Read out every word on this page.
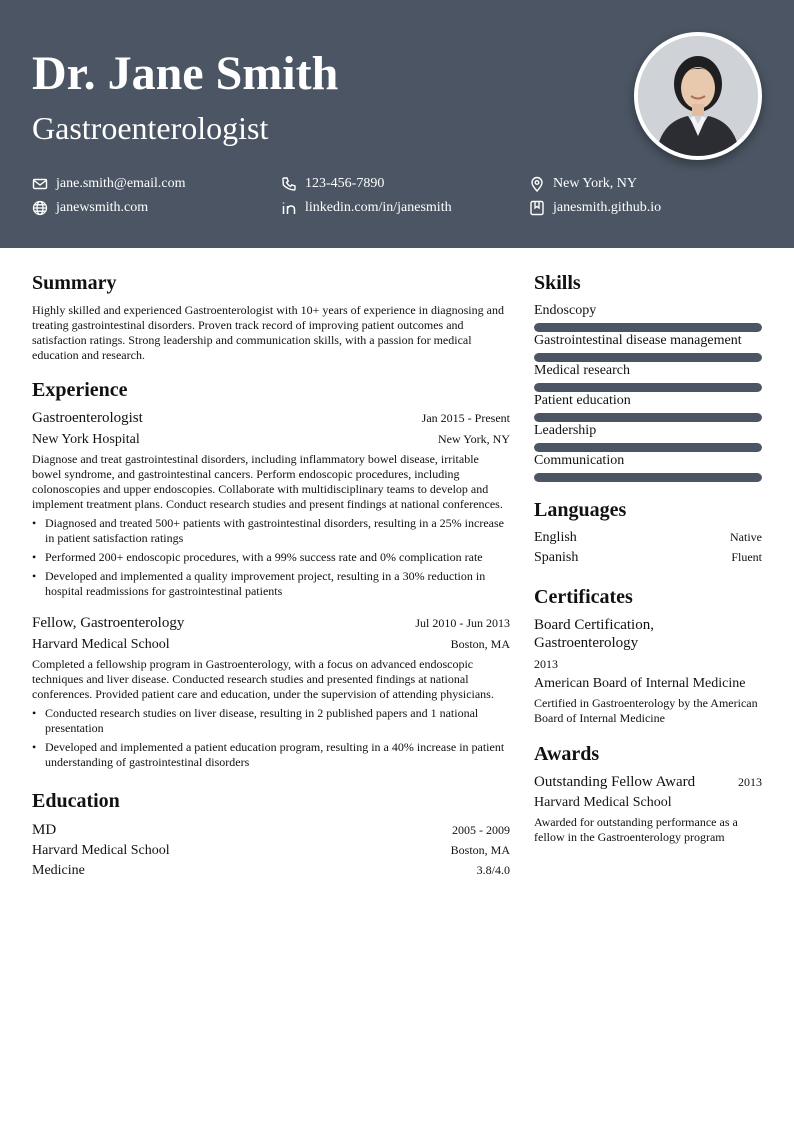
Dr. Jane Smith
Gastroenterologist
jane.smith@email.com	123-456-7890	New York, NY
janewsmith.com	linkedin.com/in/janesmith	janesmith.github.io
Summary
Highly skilled and experienced Gastroenterologist with 10+ years of experience in diagnosing and treating gastrointestinal disorders. Proven track record of improving patient outcomes and satisfaction ratings. Strong leadership and communication skills, with a passion for medical education and research.
Experience
Gastroenterologist	Jan 2015 - Present
New York Hospital	New York, NY
Diagnose and treat gastrointestinal disorders, including inflammatory bowel disease, irritable bowel syndrome, and gastrointestinal cancers. Perform endoscopic procedures, including colonoscopies and upper endoscopies. Collaborate with multidisciplinary teams to develop and implement treatment plans. Conduct research studies and present findings at national conferences.
• Diagnosed and treated 500+ patients with gastrointestinal disorders, resulting in a 25% increase in patient satisfaction ratings
• Performed 200+ endoscopic procedures, with a 99% success rate and 0% complication rate
• Developed and implemented a quality improvement project, resulting in a 30% reduction in hospital readmissions for gastrointestinal patients
Fellow, Gastroenterology	Jul 2010 - Jun 2013
Harvard Medical School	Boston, MA
Completed a fellowship program in Gastroenterology, with a focus on advanced endoscopic techniques and liver disease. Conducted research studies and presented findings at national conferences. Provided patient care and education, under the supervision of attending physicians.
• Conducted research studies on liver disease, resulting in 2 published papers and 1 national presentation
• Developed and implemented a patient education program, resulting in a 40% increase in patient understanding of gastrointestinal disorders
Education
MD	2005 - 2009
Harvard Medical School	Boston, MA
Medicine	3.8/4.0
Skills
Endoscopy
Gastrointestinal disease management
Medical research
Patient education
Leadership
Communication
Languages
English	Native
Spanish	Fluent
Certificates
Board Certification,
Gastroenterology
2013
American Board of Internal Medicine
Certified in Gastroenterology by the American Board of Internal Medicine
Awards
Outstanding Fellow Award	2013
Harvard Medical School
Awarded for outstanding performance as a fellow in the Gastroenterology program
